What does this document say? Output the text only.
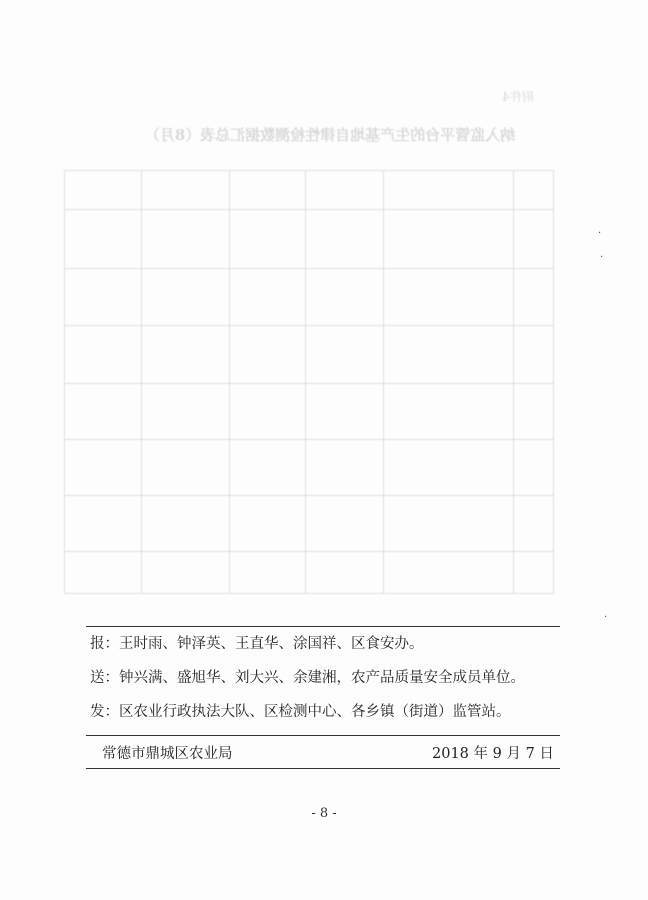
附件4
纳入监管平台的生产基地自律性检测数据汇总表（8月）
·
·
·
报：王时雨、钟泽英、王直华、涂国祥、区食安办。
送：钟兴满、盛旭华、刘大兴、余建湘，农产品质量安全成员单位。
发：区农业行政执法大队、区检测中心、各乡镇（街道）监管站。
常德市鼎城区农业局	2018 年 9 月 7 日
- 8 -
